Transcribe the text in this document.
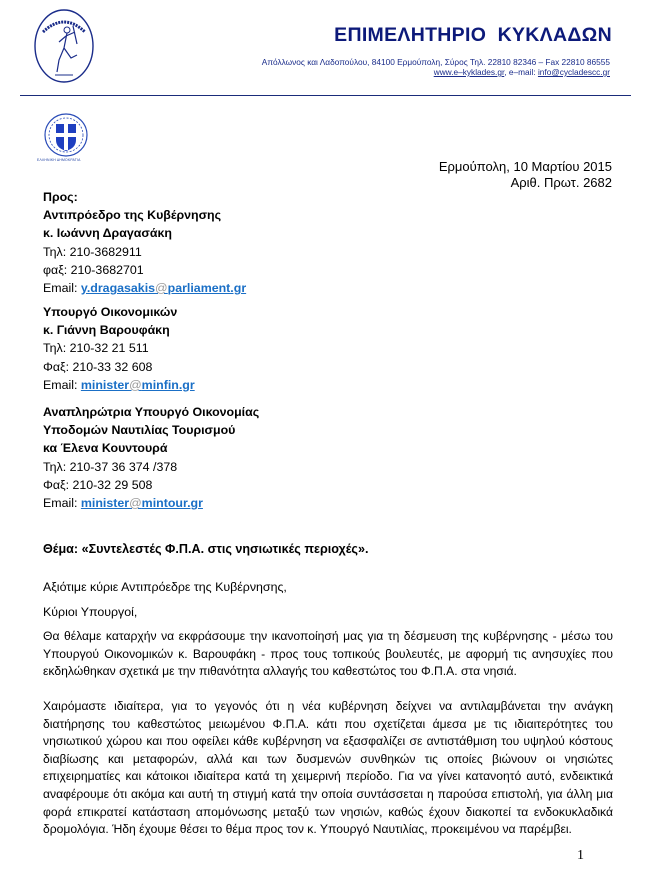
ΕΠΙΜΕΛΗΤΗΡΙΟ  ΚΥΚΛΑΔΩΝ
Απόλλωνος και Λαδοπούλου, 84100 Ερμούπολη, Σύρος Τηλ. 22810 82346 – Fax 22810 86555
www.e–kyklades.gr, e–mail: info@cycladescc.gr
ΕΛΛΗΝΙΚΗ ΔΗΜΟΚΡΑΤΙΑ	Ερμούπολη, 10 Μαρτίου 2015
Αριθ. Πρωτ. 2682
Προς:
Αντιπρόεδρο της Κυβέρνησης
κ. Ιωάννη Δραγασάκη
Τηλ: 210-3682911
φαξ: 210-3682701
Email: y.dragasakis@parliament.gr
Υπουργό Οικονομικών
κ. Γιάννη Βαρουφάκη
Τηλ: 210-32 21 511
Φαξ: 210-33 32 608
Email: minister@minfin.gr
Αναπληρώτρια Υπουργό Οικονομίας
Υποδομών Ναυτιλίας Τουρισμού
κα Έλενα Κουντουρά
Τηλ: 210-37 36 374 /378
Φαξ: 210-32 29 508
Email: minister@mintour.gr
Θέμα: «Συντελεστές Φ.Π.Α. στις νησιωτικές περιοχές».
Αξιότιμε κύριε Αντιπρόεδρε της Κυβέρνησης,
Κύριοι Υπουργοί,
Θα θέλαμε καταρχήν να εκφράσουμε την ικανοποίησή μας για τη δέσμευση της κυβέρνησης - μέσω του Υπουργού Οικονομικών κ. Βαρουφάκη - προς τους τοπικούς βουλευτές, με αφορμή τις ανησυχίες που εκδηλώθηκαν σχετικά με την πιθανότητα αλλαγής του καθεστώτος του Φ.Π.Α. στα νησιά.
Χαιρόμαστε ιδιαίτερα, για το γεγονός ότι η νέα κυβέρνηση δείχνει να αντιλαμβάνεται την ανάγκη διατήρησης του καθεστώτος μειωμένου Φ.Π.Α. κάτι που σχετίζεται άμεσα με τις ιδιαιτερότητες του νησιωτικού χώρου και που οφείλει κάθε κυβέρνηση να εξασφαλίζει σε αντιστάθμιση του υψηλού κόστους διαβίωσης και μεταφορών, αλλά και των δυσμενών συνθηκών τις οποίες βιώνουν οι νησιώτες επιχειρηματίες και κάτοικοι ιδιαίτερα κατά τη χειμερινή περίοδο. Για να γίνει κατανοητό αυτό, ενδεικτικά αναφέρουμε ότι ακόμα και αυτή τη στιγμή κατά την οποία συντάσσεται η παρούσα επιστολή, για άλλη μια φορά επικρατεί κατάσταση απομόνωσης μεταξύ των νησιών, καθώς έχουν διακοπεί τα ενδοκυκλαδικά δρομολόγια. Ήδη έχουμε θέσει το θέμα προς τον κ. Υπουργό Ναυτιλίας, προκειμένου να παρέμβει.
1
